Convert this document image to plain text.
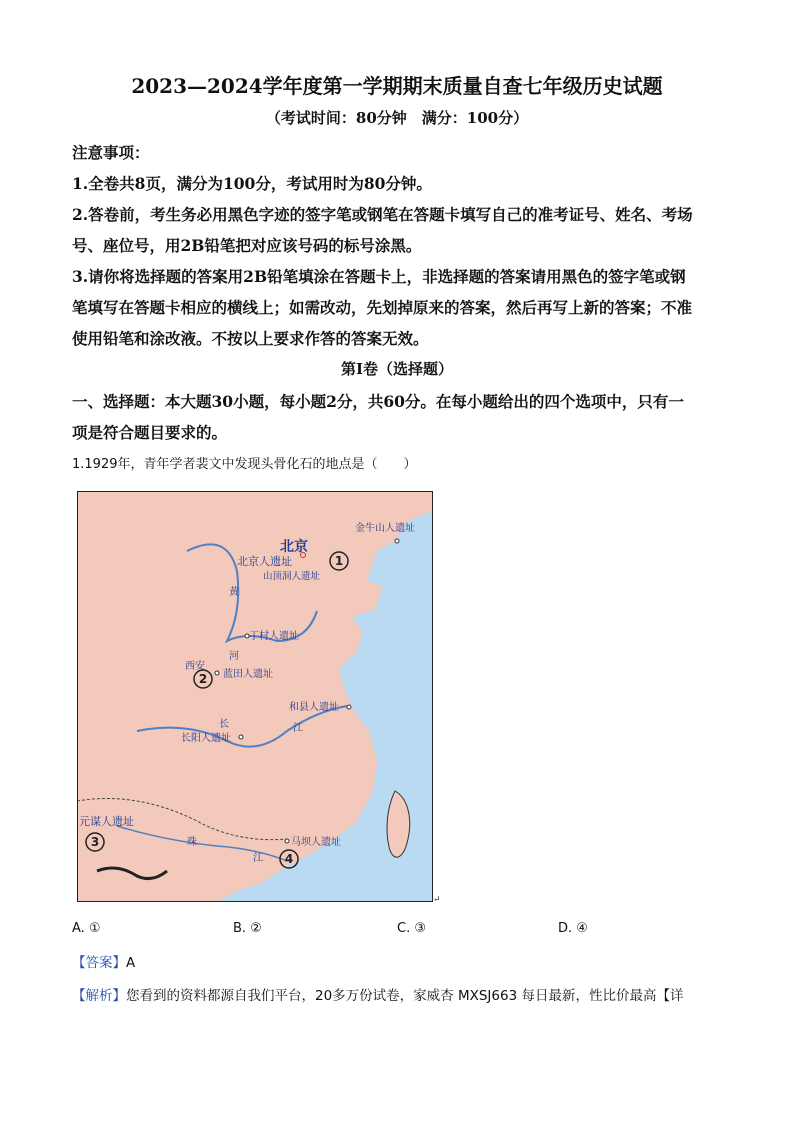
2023—2024学年度第一学期期末质量自查七年级历史试题
（考试时间：80分钟　满分：100分）
注意事项：
1.全卷共8页，满分为100分，考试用时为80分钟。
2.答卷前，考生务必用黑色字迹的签字笔或钢笔在答题卡填写自己的准考证号、姓名、考场
号、座位号，用2B铅笔把对应该号码的标号涂黑。
3.请你将选择题的答案用2B铅笔填涂在答题卡上，非选择题的答案请用黑色的签字笔或钢
笔填写在答题卡相应的横线上；如需改动，先划掉原来的答案，然后再写上新的答案；不准
使用铅笔和涂改液。不按以上要求作答的答案无效。
第Ⅰ卷（选择题）
一、选择题：本大题30小题，每小题2分，共60分。在每小题给出的四个选项中，只有一
项是符合题目要求的。
1.1929年，青年学者裴文中发现头骨化石的地点是（　　）
北京
金牛山人遗址
北京人遗址
山顶洞人遗址
黄
丁村人遗址
河
西安
蓝田人遗址
和县人遗址
长	江
长阳人遗址
元谋人遗址
珠
江
马坝人遗址
1
2
3
4
↵
A. ①	B. ②	C. ③	D. ④
【答案】A
【解析】您看到的资料都源自我们平台，20多万份试卷，家威杏 MXSJ663 每日最新，性比价最高【详
